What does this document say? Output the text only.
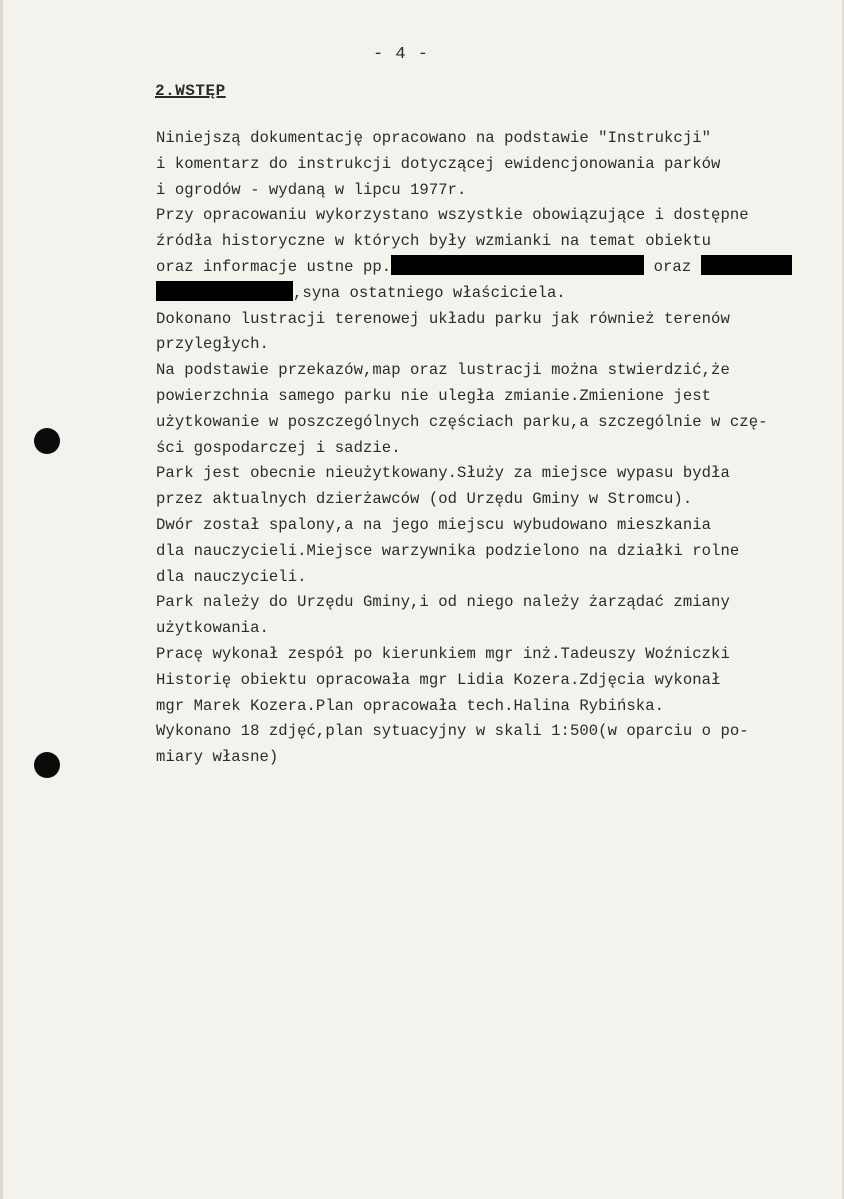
- 4 -
2.WSTĘP
Niniejszą dokumentację opracowano na podstawie "Instrukcji"
i komentarz do instrukcji dotyczącej ewidencjonowania parków
i ogrodów - wydaną w lipcu 1977r.
Przy opracowaniu wykorzystano wszystkie obowiązujące i dostępne
źródła historyczne w których były wzmianki na temat obiektu
oraz informacje ustne pp.	oraz
,syna ostatniego właściciela.
Dokonano lustracji terenowej układu parku jak również terenów
przyległych.
Na podstawie przekazów,map oraz lustracji można stwierdzić,że
powierzchnia samego parku nie uległa zmianie.Zmienione jest
użytkowanie w poszczególnych częściach parku,a szczególnie w czę-
ści gospodarczej i sadzie.
Park jest obecnie nieużytkowany.Służy za miejsce wypasu bydła
przez aktualnych dzierżawców (od Urzędu Gminy w Stromcu).
Dwór został spalony,a na jego miejscu wybudowano mieszkania
dla nauczycieli.Miejsce warzywnika podzielono na działki rolne
dla nauczycieli.
Park należy do Urzędu Gminy,i od niego należy żarządać zmiany
użytkowania.
Pracę wykonał zespół po kierunkiem mgr inż.Tadeuszy Woźniczki
Historię obiektu opracowała mgr Lidia Kozera.Zdjęcia wykonał
mgr Marek Kozera.Plan opracowała tech.Halina Rybińska.
Wykonano 18 zdjęć,plan sytuacyjny w skali 1:500(w oparciu o po-
miary własne)
